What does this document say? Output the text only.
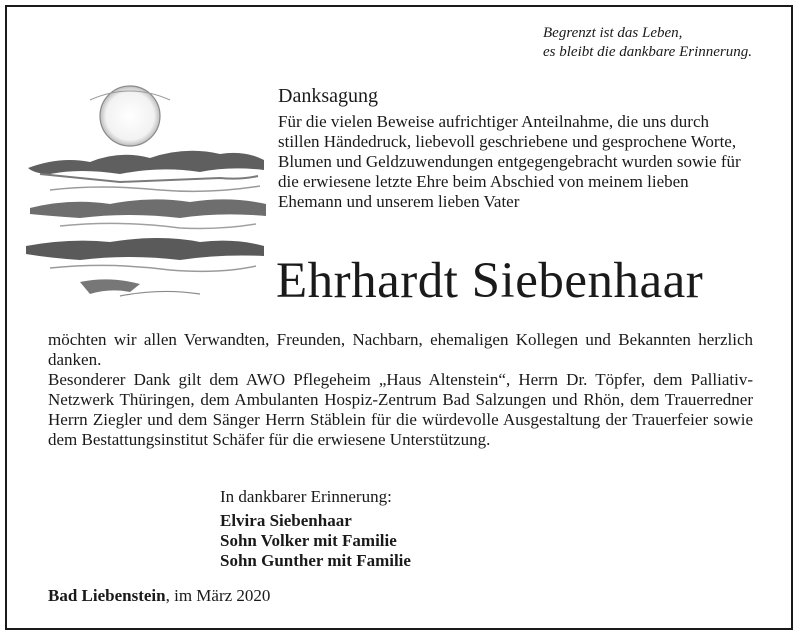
Begrenzt ist das Leben,
es bleibt die dankbare Erinnerung.
Danksagung
Für die vielen Beweise aufrichtiger Anteilnahme, die uns durch stillen Händedruck, liebevoll geschriebene und gesprochene Worte, Blumen und Geldzuwendungen entgegengebracht wurden sowie für die erwiesene letzte Ehre beim Abschied von meinem lieben Ehemann und unserem lieben Vater
Ehrhardt Siebenhaar

möchten wir allen Verwandten, Freunden, Nachbarn, ehemaligen Kollegen und Bekannten herzlich danken.

Besonderer Dank gilt dem AWO Pflegeheim „Haus Altenstein“, Herrn Dr. Töpfer, dem Palliativ-Netzwerk Thüringen, dem Ambulanten Hospiz-Zentrum Bad Salzungen und Rhön, dem Trauerredner Herrn Ziegler und dem Sänger Herrn Stäblein für die würdevolle Ausgestaltung der Trauerfeier sowie dem Bestattungsinstitut Schäfer für die erwiesene Unterstützung.

In dankbarer Erinnerung:
Elvira Siebenhaar
Sohn Volker mit Familie
Sohn Gunther mit Familie
Bad Liebenstein, im März 2020
